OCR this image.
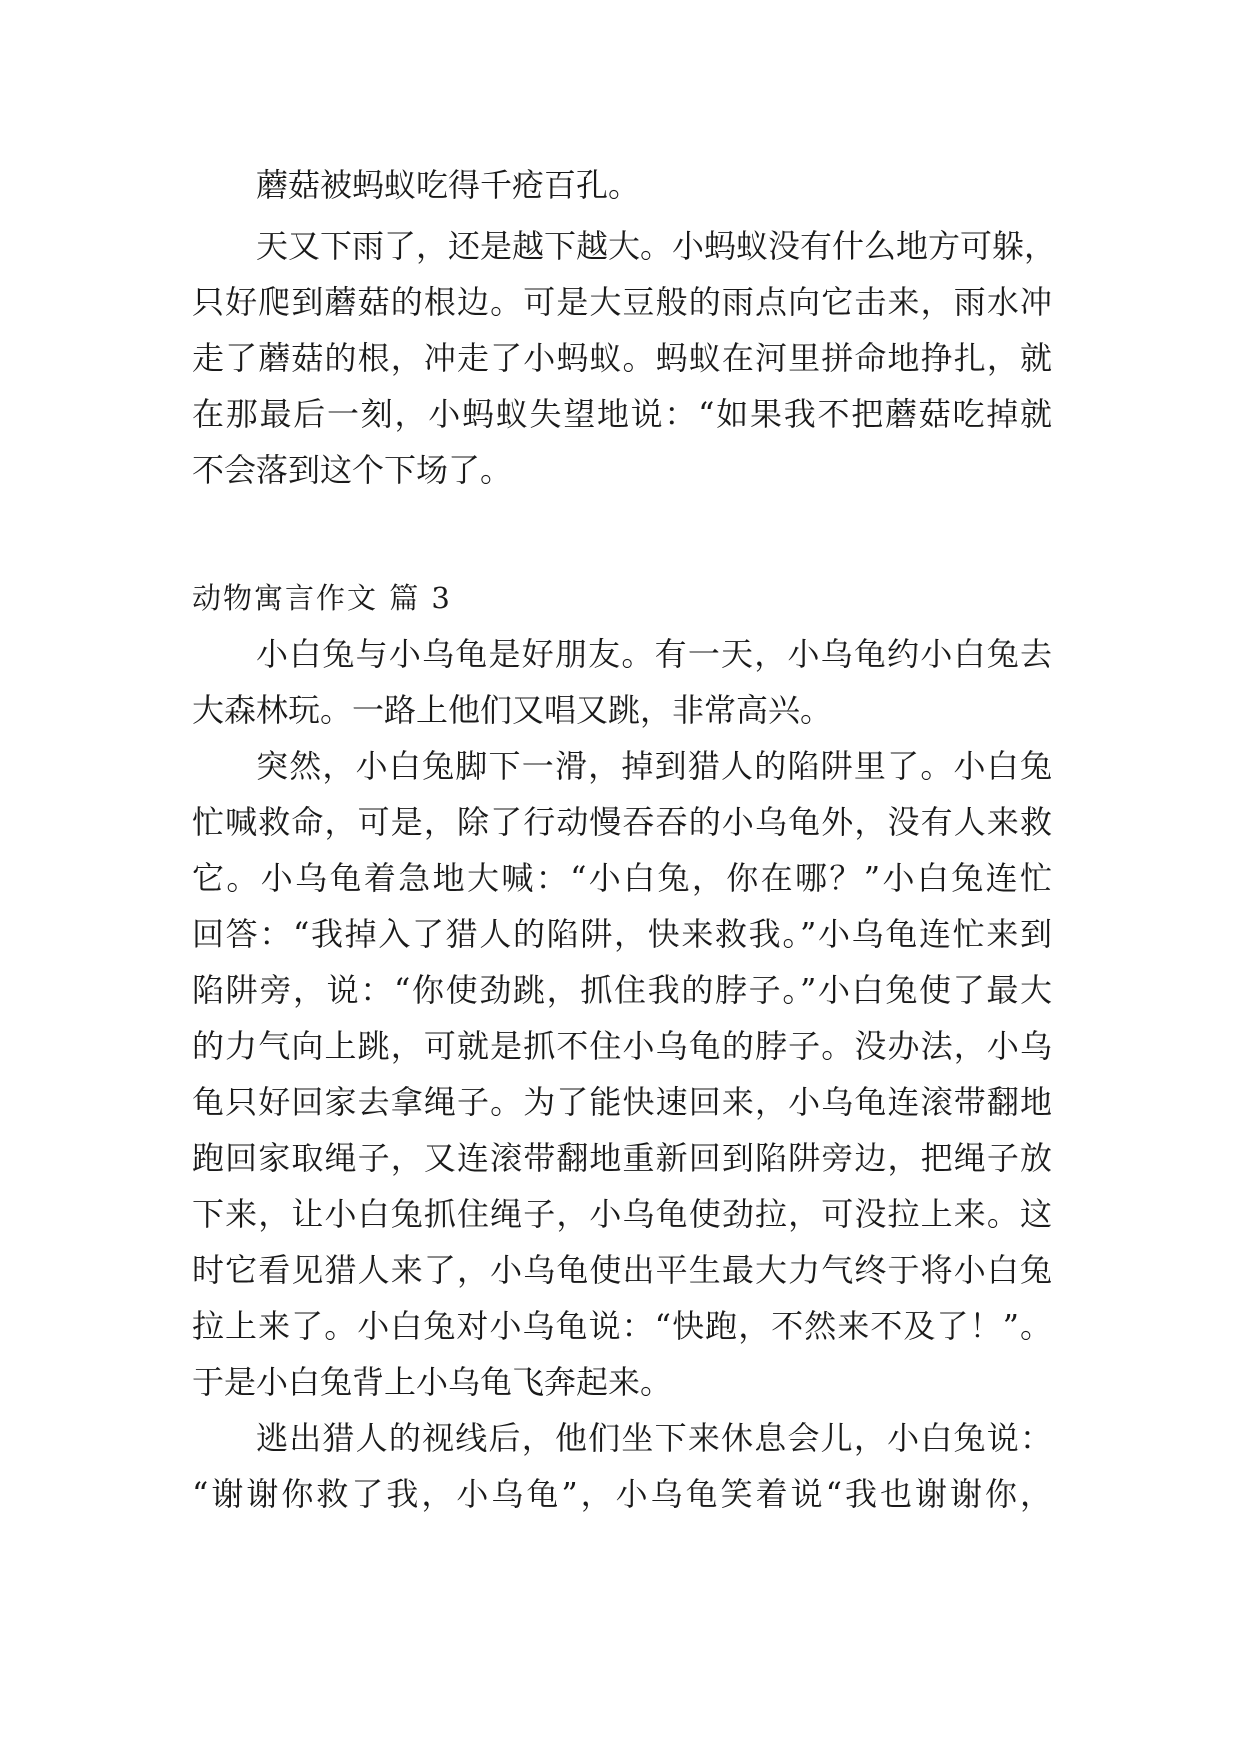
蘑菇被蚂蚁吃得千疮百孔。
天又下雨了，还是越下越大。小蚂蚁没有什么地方可躲，
只好爬到蘑菇的根边。可是大豆般的雨点向它击来，雨水冲
走了蘑菇的根，冲走了小蚂蚁。蚂蚁在河里拼命地挣扎，就
在那最后一刻，小蚂蚁失望地说：“如果我不把蘑菇吃掉就
不会落到这个下场了。
动物寓言作文 篇 3
小白兔与小乌龟是好朋友。有一天，小乌龟约小白兔去
大森林玩。一路上他们又唱又跳，非常高兴。
突然，小白兔脚下一滑，掉到猎人的陷阱里了。小白兔
忙喊救命，可是，除了行动慢吞吞的小乌龟外，没有人来救
它。小乌龟着急地大喊：“小白兔，你在哪？”小白兔连忙
回答：“我掉入了猎人的陷阱，快来救我。”小乌龟连忙来到
陷阱旁，说：“你使劲跳，抓住我的脖子。”小白兔使了最大
的力气向上跳，可就是抓不住小乌龟的脖子。没办法，小乌
龟只好回家去拿绳子。为了能快速回来，小乌龟连滚带翻地
跑回家取绳子，又连滚带翻地重新回到陷阱旁边，把绳子放
下来，让小白兔抓住绳子，小乌龟使劲拉，可没拉上来。这
时它看见猎人来了，小乌龟使出平生最大力气终于将小白兔
拉上来了。小白兔对小乌龟说：“快跑，不然来不及了！”。
于是小白兔背上小乌龟飞奔起来。
逃出猎人的视线后，他们坐下来休息会儿，小白兔说：
“谢谢你救了我，小乌龟”，小乌龟笑着说“我也谢谢你，
